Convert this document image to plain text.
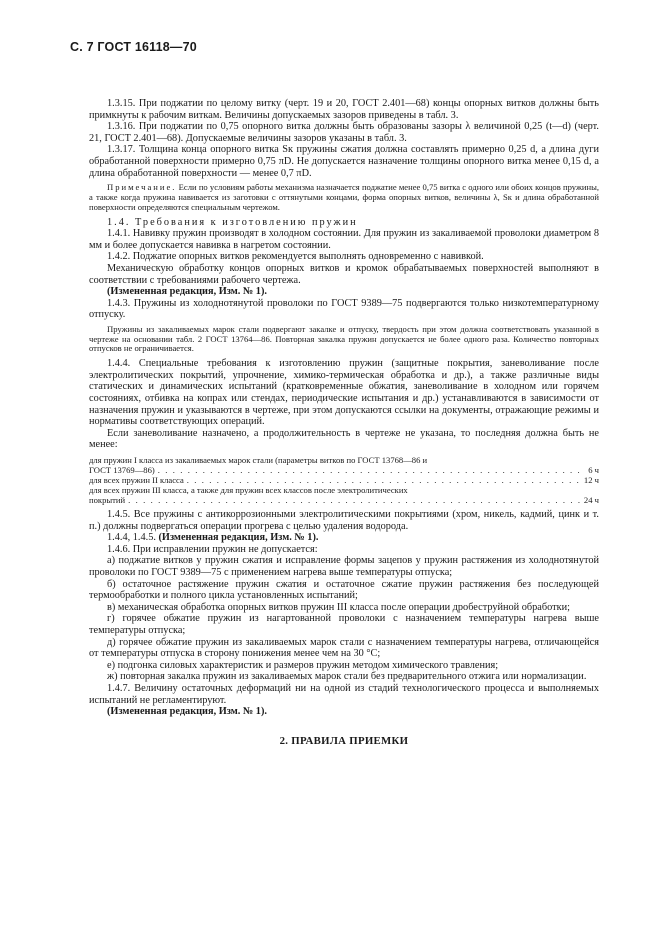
С. 7 ГОСТ 16118—70

1.3.15. При поджатии по целому витку (черт. 19 и 20, ГОСТ 2.401—68) концы опорных витков должны быть примкнуты к рабочим виткам. Величины допускаемых зазоров приведены в табл. 3.

1.3.16. При поджатии по 0,75 опорного витка должны быть образованы зазоры λ величиной 0,25 (t—d) (черт. 21, ГОСТ 2.401—68). Допускаемые величины зазоров указаны в табл. 3.

1.3.17. Толщина конца опорного витка Sк пружины сжатия должна составлять примерно 0,25 d, а длина дуги обработанной поверхности примерно 0,75 πD. Не допускается назначение толщины опорного витка менее 0,15 d, а длина обработанной поверхности — менее 0,7 πD.

Примечание. Если по условиям работы механизма назначается поджатие менее 0,75 витка с одного или обоих концов пружины, а также когда пружина навивается из заготовки с оттянутыми концами, форма опорных витков, величины λ, Sк и длина обработанной поверхности определяются специальным чертежом.

1.4. Требования к изготовлению пружин

1.4.1. Навивку пружин производят в холодном состоянии. Для пружин из закаливаемой проволоки диаметром 8 мм и более допускается навивка в нагретом состоянии.

1.4.2. Поджатие опорных витков рекомендуется выполнять одновременно с навивкой.

Механическую обработку концов опорных витков и кромок обрабатываемых поверхностей выполняют в соответствии с требованиями рабочего чертежа.

(Измененная редакция, Изм. № 1).

1.4.3. Пружины из холоднотянутой проволоки по ГОСТ 9389—75 подвергаются только низкотемпературному отпуску.

Пружины из закаливаемых марок стали подвергают закалке и отпуску, твердость при этом должна соответствовать указанной в чертеже на основании табл. 2 ГОСТ 13764—86. Повторная закалка пружин допускается не более одного раза. Количество повторных отпусков не ограничивается.

1.4.4. Специальные требования к изготовлению пружин (защитные покрытия, заневоливание после электролитических покрытий, упрочнение, химико-термическая обработка и др.), а также различные виды статических и динамических испытаний (кратковременные обжатия, заневоливание в холодном или горячем состояниях, отбивка на копрах или стендах, периодические испытания и др.) устанавливаются в зависимости от назначения пружин и указываются в чертеже, при этом допускаются ссылки на документы, отражающие режимы и нормативы соответствующих операций.

Если заневоливание назначено, а продолжительность в чертеже не указана, то последняя должна быть не менее:

для пружин I класса из закаливаемых марок стали (параметры витков по ГОСТ 13768—86 и
ГОСТ 13769—86) . . .	6 ч
для всех пружин II класса . . .	12 ч
для всех пружин III класса, а также для пружин всех классов после электролитических
покрытий . . .	24 ч

1.4.5. Все пружины с антикоррозионными электролитическими покрытиями (хром, никель, кадмий, цинк и т. п.) должны подвергаться операции прогрева с целью удаления водорода.

1.4.4, 1.4.5. (Измененная редакция, Изм. № 1).

1.4.6. При исправлении пружин не допускается:

а) поджатие витков у пружин сжатия и исправление формы зацепов у пружин растяжения из холоднотянутой проволоки по ГОСТ 9389—75 с применением нагрева выше температуры отпуска;

б) остаточное растяжение пружин сжатия и остаточное сжатие пружин растяжения без последующей термообработки и полного цикла установленных испытаний;

в) механическая обработка опорных витков пружин III класса после операции дробеструйной обработки;

г) горячее обжатие пружин из нагартованной проволоки с назначением температуры нагрева выше температуры отпуска;

д) горячее обжатие пружин из закаливаемых марок стали с назначением температуры нагрева, отличающейся от температуры отпуска в сторону понижения менее чем на 30 °С;

е) подгонка силовых характеристик и размеров пружин методом химического травления;

ж) повторная закалка пружин из закаливаемых марок стали без предварительного отжига или нормализации.

1.4.7. Величину остаточных деформаций ни на одной из стадий технологического процесса и выполняемых испытаний не регламентируют.

(Измененная редакция, Изм. № 1).

2. ПРАВИЛА ПРИЕМКИ
